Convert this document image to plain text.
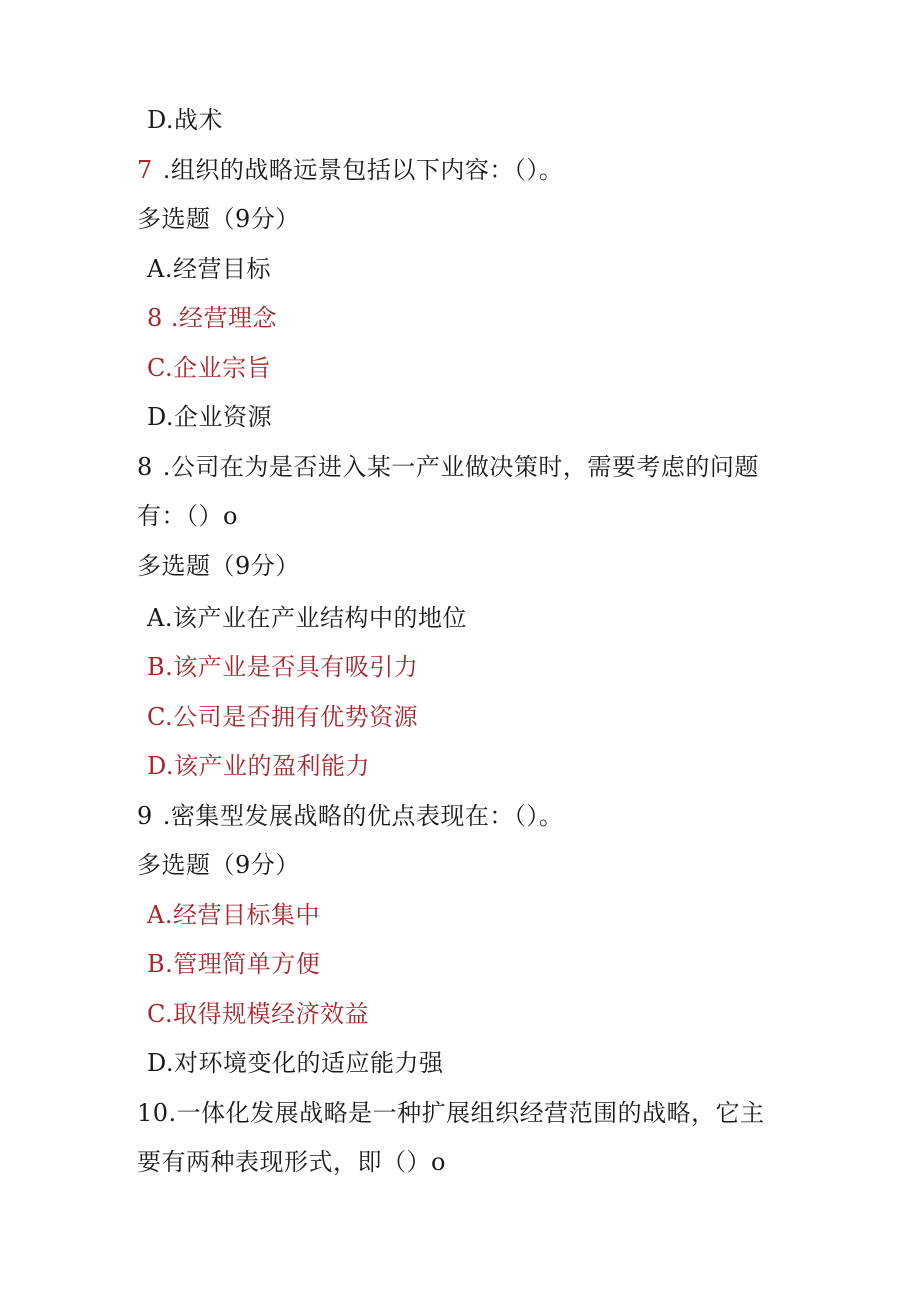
D.战术
7 .组织的战略远景包括以下内容：（）。
多选题（9分）
A.经营目标
8 .经营理念
C.企业宗旨
D.企业资源
8 .公司在为是否进入某一产业做决策时，需要考虑的问题
有：（）o
多选题（9分）
A.该产业在产业结构中的地位
B.该产业是否具有吸引力
C.公司是否拥有优势资源
D.该产业的盈利能力
9 .密集型发展战略的优点表现在：（）。
多选题（9分）
A.经营目标集中
B.管理简单方便
C.取得规模经济效益
D.对环境变化的适应能力强
10.一体化发展战略是一种扩展组织经营范围的战略，它主
要有两种表现形式，即（）o
